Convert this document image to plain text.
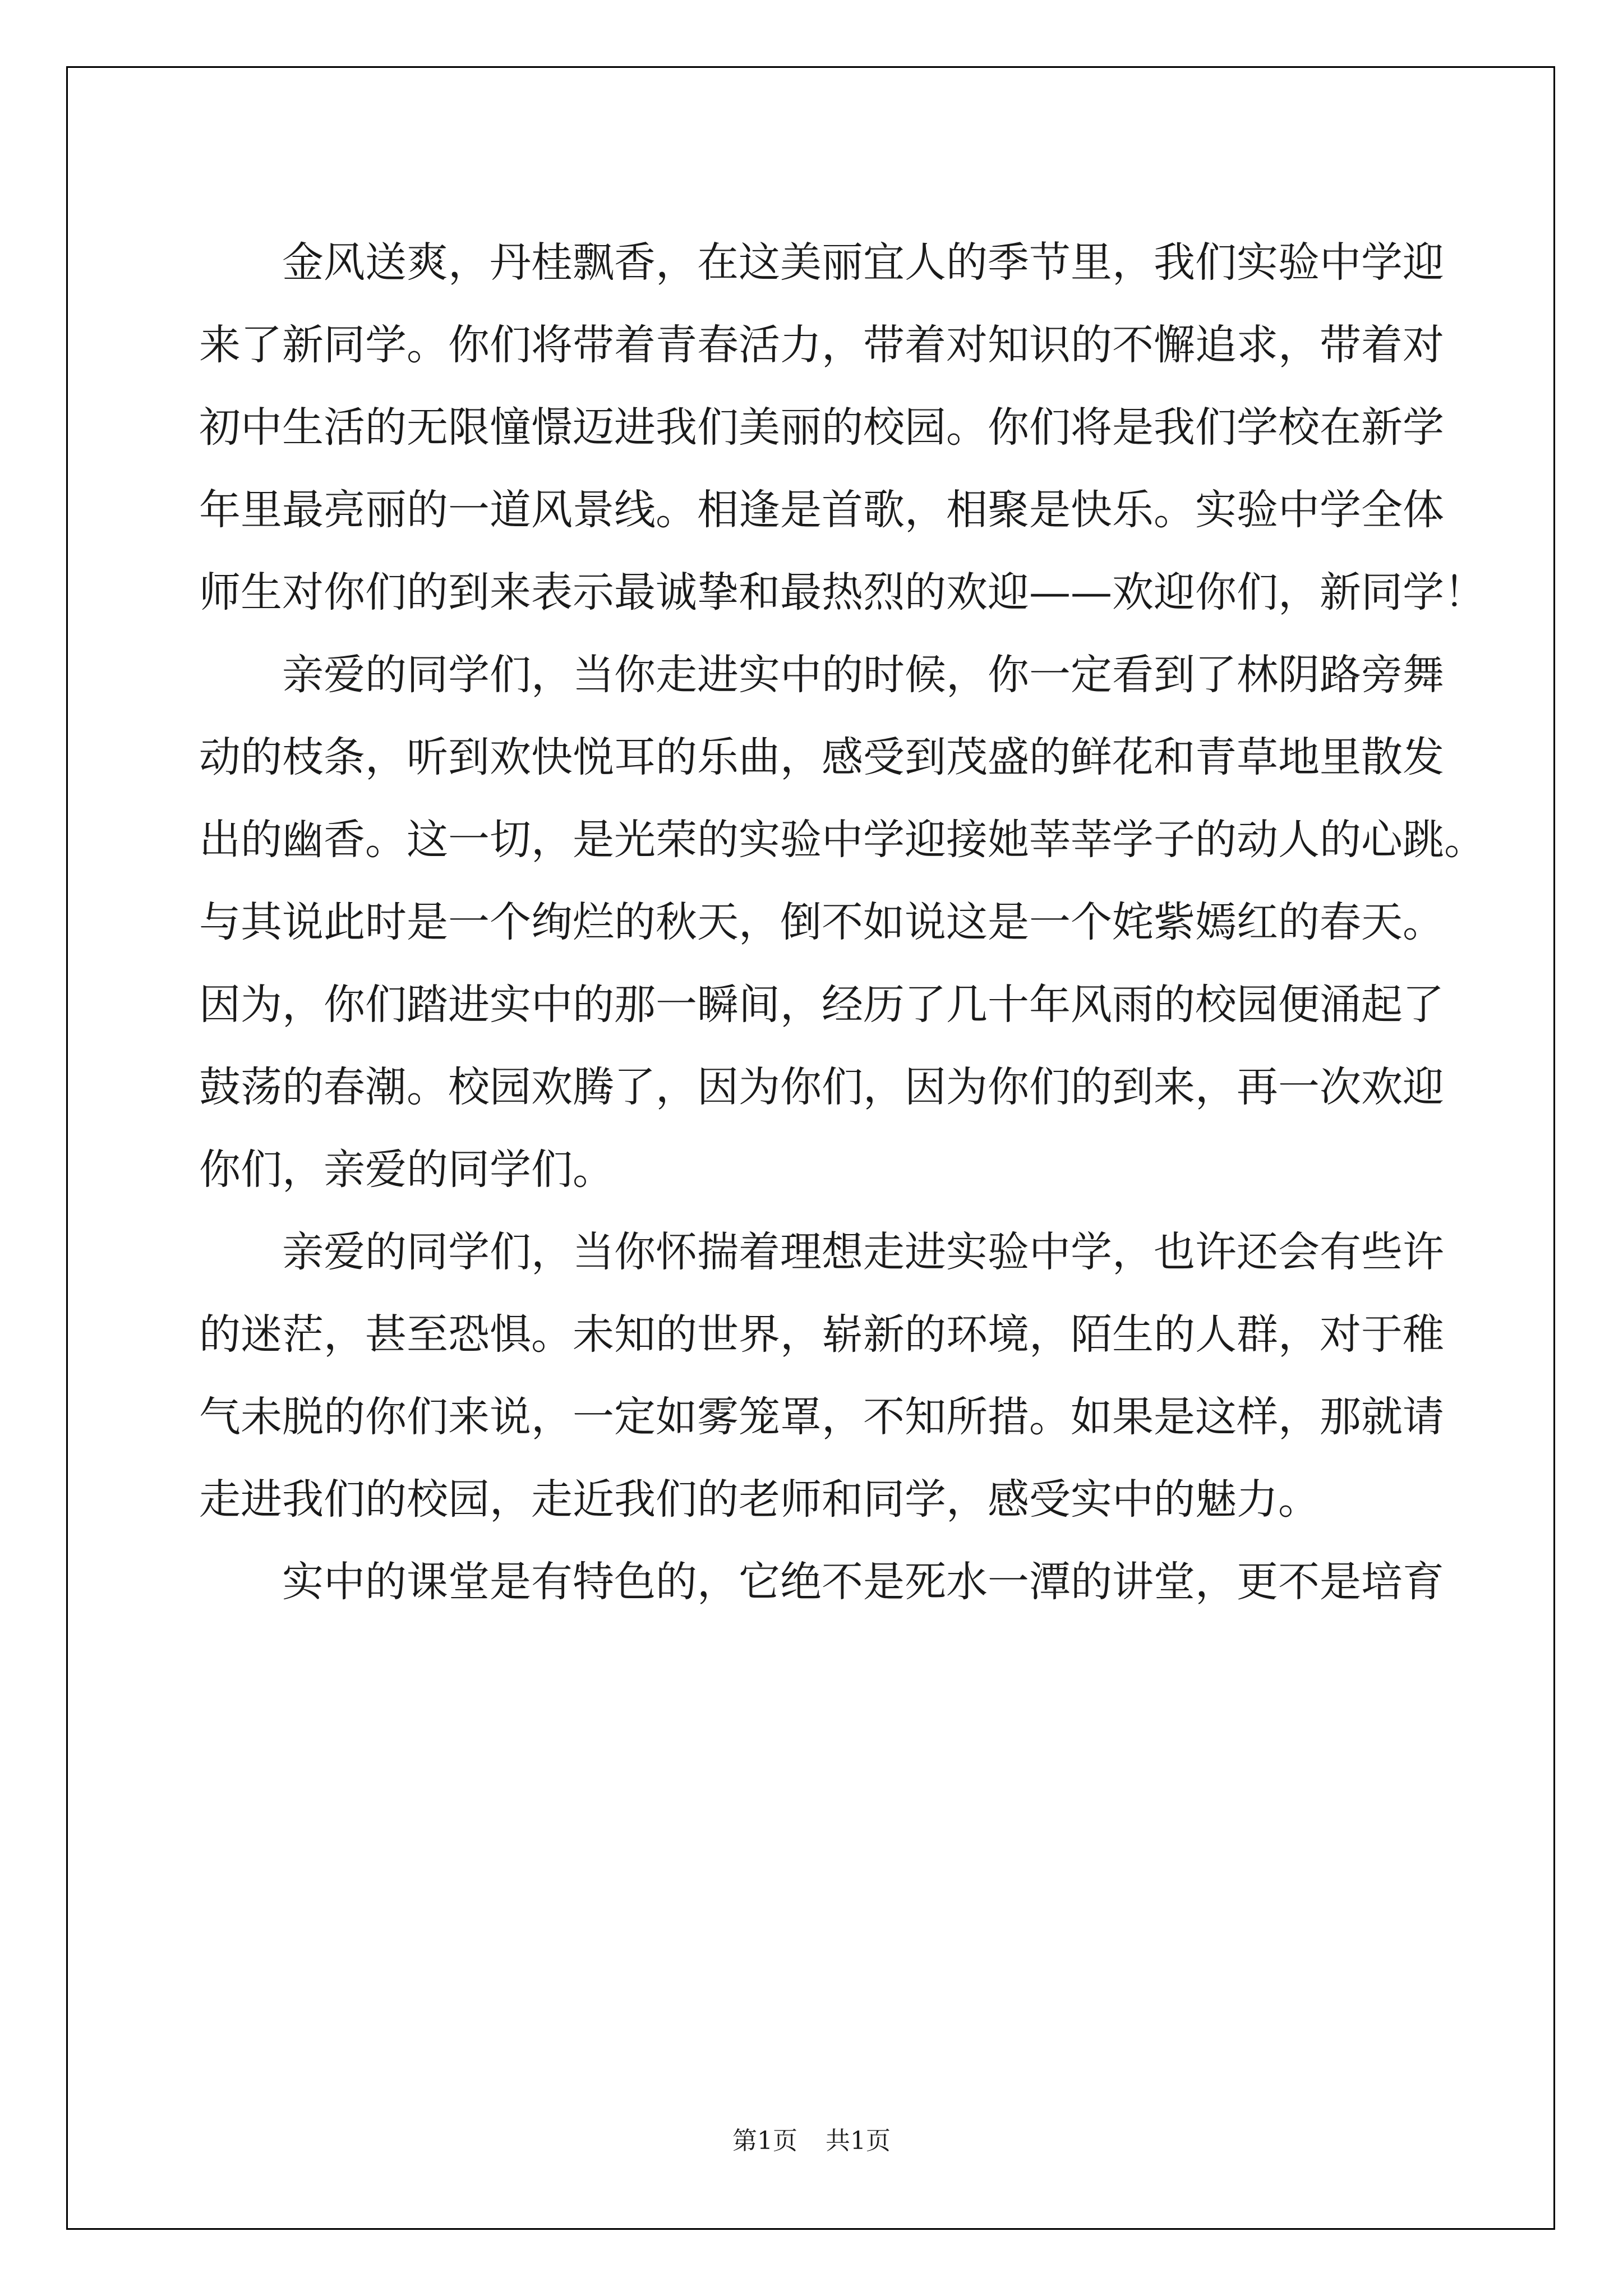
金风送爽，丹桂飘香，在这美丽宜人的季节里，我们实验中学迎
来了新同学。你们将带着青春活力，带着对知识的不懈追求，带着对
初中生活的无限憧憬迈进我们美丽的校园。你们将是我们学校在新学
年里最亮丽的一道风景线。相逢是首歌，相聚是快乐。实验中学全体
师生对你们的到来表示最诚挚和最热烈的欢迎——欢迎你们，新同学！
亲爱的同学们，当你走进实中的时候，你一定看到了林阴路旁舞
动的枝条，听到欢快悦耳的乐曲，感受到茂盛的鲜花和青草地里散发
出的幽香。这一切，是光荣的实验中学迎接她莘莘学子的动人的心跳。
与其说此时是一个绚烂的秋天，倒不如说这是一个姹紫嫣红的春天。
因为，你们踏进实中的那一瞬间，经历了几十年风雨的校园便涌起了
鼓荡的春潮。校园欢腾了，因为你们，因为你们的到来，再一次欢迎
你们，亲爱的同学们。
亲爱的同学们，当你怀揣着理想走进实验中学，也许还会有些许
的迷茫，甚至恐惧。未知的世界，崭新的环境，陌生的人群，对于稚
气未脱的你们来说，一定如雾笼罩，不知所措。如果是这样，那就请
走进我们的校园，走近我们的老师和同学，感受实中的魅力。
实中的课堂是有特色的，它绝不是死水一潭的讲堂，更不是培育
第1页 共1页
